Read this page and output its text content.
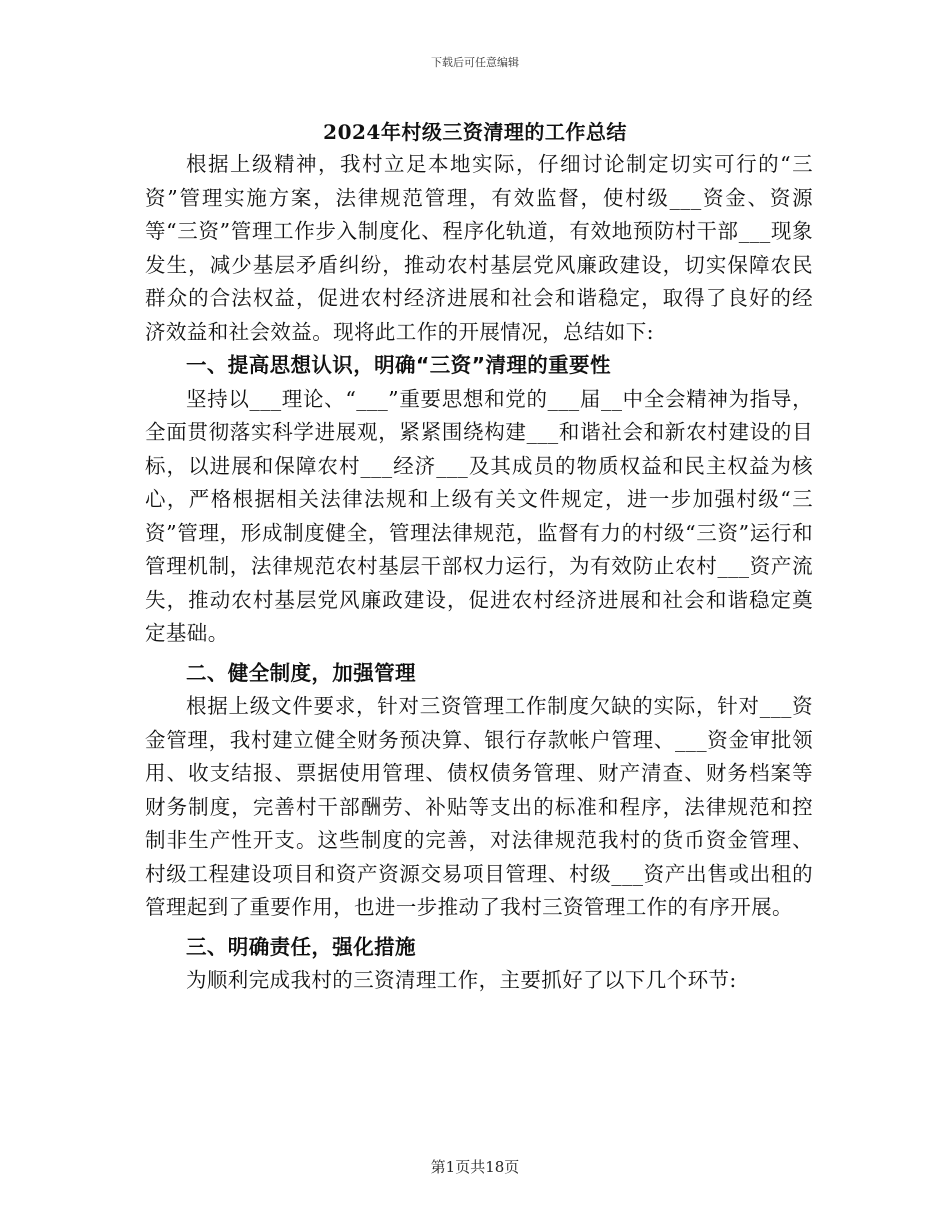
下载后可任意编辑
2024年村级三资清理的工作总结

根据上级精神，我村立足本地实际，仔细讨论制定切实可行的“三资”管理实施方案，法律规范管理，有效监督，使村级___资金、资源等“三资”管理工作步入制度化、程序化轨道，有效地预防村干部___现象发生，减少基层矛盾纠纷，推动农村基层党风廉政建设，切实保障农民群众的合法权益，促进农村经济进展和社会和谐稳定，取得了良好的经济效益和社会效益。现将此工作的开展情况，总结如下:

一、提高思想认识，明确“三资”清理的重要性

坚持以___理论、“___”重要思想和党的___届__中全会精神为指导，全面贯彻落实科学进展观，紧紧围绕构建___和谐社会和新农村建设的目标，以进展和保障农村___经济___及其成员的物质权益和民主权益为核心，严格根据相关法律法规和上级有关文件规定，进一步加强村级“三资”管理，形成制度健全，管理法律规范，监督有力的村级“三资”运行和管理机制，法律规范农村基层干部权力运行，为有效防止农村___资产流失，推动农村基层党风廉政建设，促进农村经济进展和社会和谐稳定奠定基础。

二、健全制度，加强管理

根据上级文件要求，针对三资管理工作制度欠缺的实际，针对___资金管理，我村建立健全财务预决算、银行存款帐户管理、___资金审批领用、收支结报、票据使用管理、债权债务管理、财产清查、财务档案等财务制度，完善村干部酬劳、补贴等支出的标准和程序，法律规范和控制非生产性开支。这些制度的完善，对法律规范我村的货币资金管理、村级工程建设项目和资产资源交易项目管理、村级___资产出售或出租的管理起到了重要作用，也进一步推动了我村三资管理工作的有序开展。

三、明确责任，强化措施

为顺利完成我村的三资清理工作，主要抓好了以下几个环节:

第1页共18页
